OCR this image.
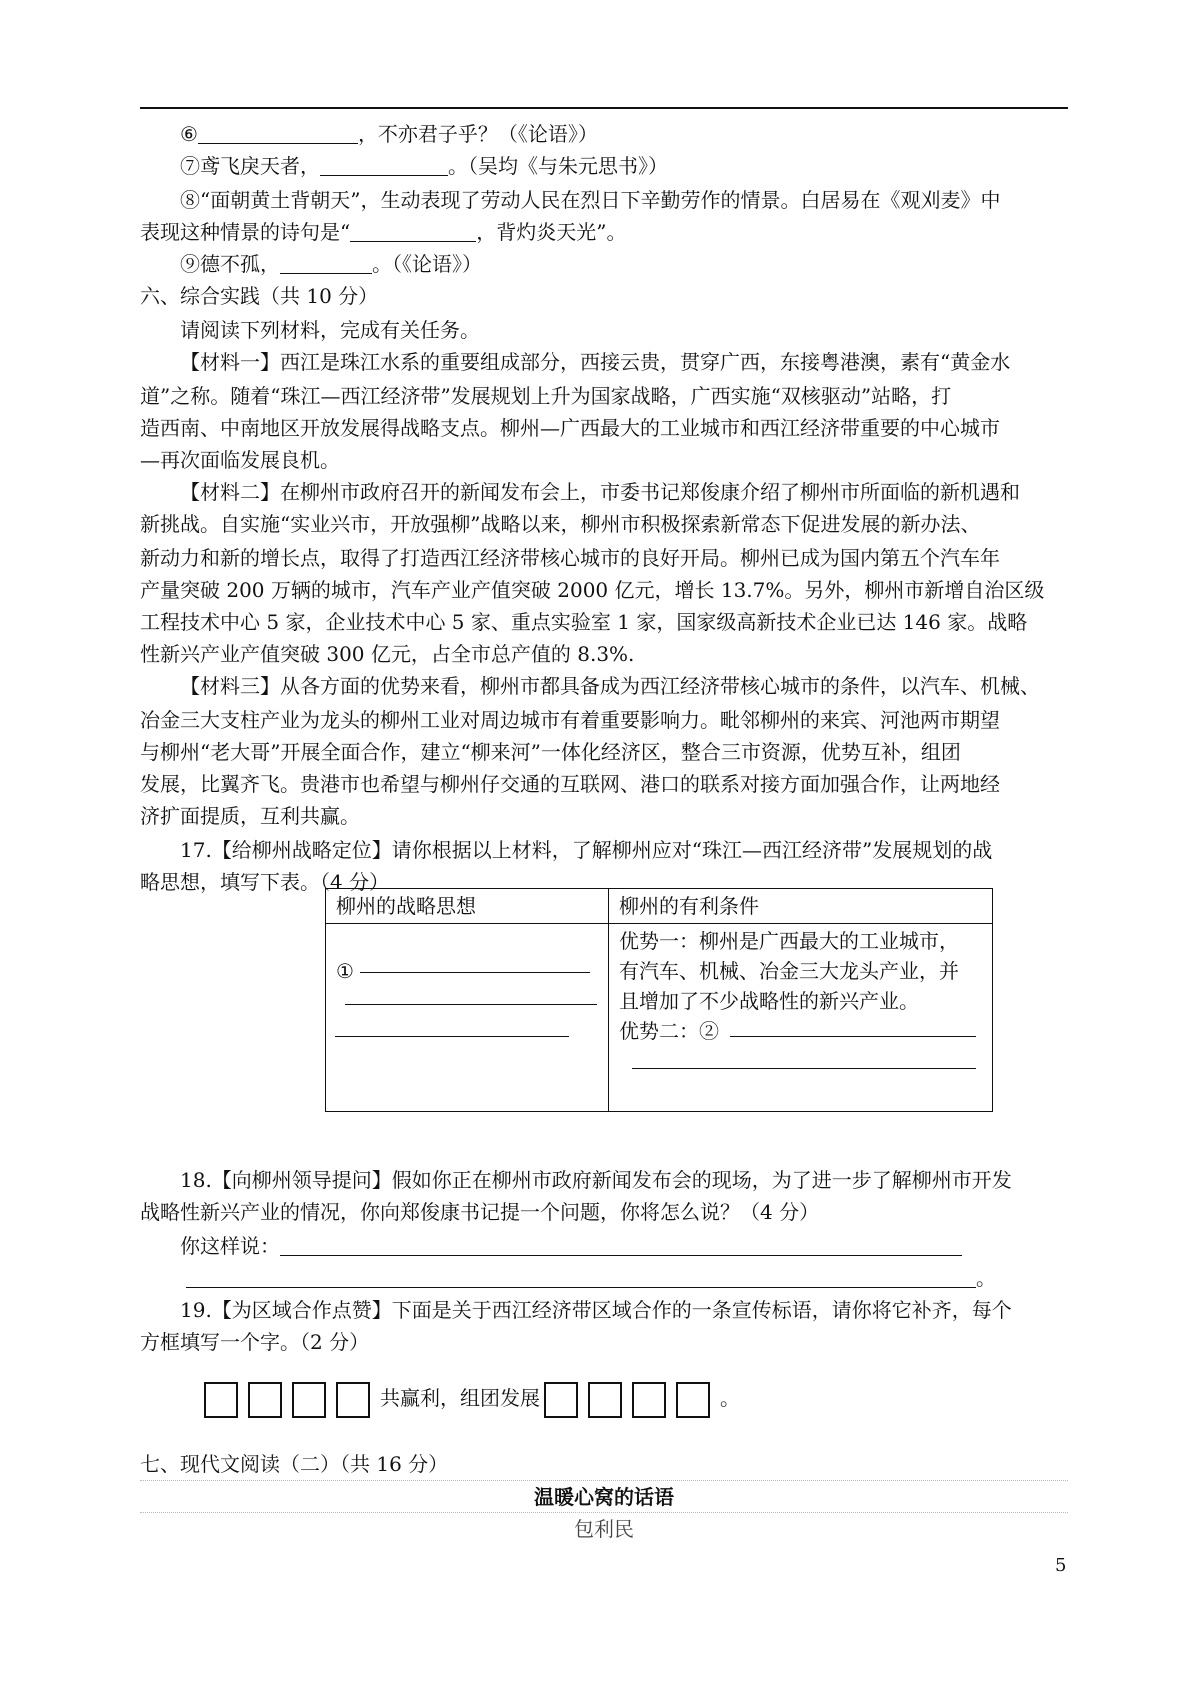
⑥	，不亦君子乎？（《论语》）
⑦鸢飞戾天者，	。（吴均《与朱元思书》）
⑧“面朝黄土背朝天”，生动表现了劳动人民在烈日下辛勤劳作的情景。白居易在《观刈麦》中
表现这种情景的诗句是“	，背灼炎天光”。
⑨德不孤，	。（《论语》）
六、综合实践（共 10 分）
请阅读下列材料，完成有关任务。
【材料一】西江是珠江水系的重要组成部分，西接云贵，贯穿广西，东接粤港澳，素有“黄金水
道”之称。随着“珠江—西江经济带”发展规划上升为国家战略，广西实施“双核驱动”站略，打
造西南、中南地区开放发展得战略支点。柳州—广西最大的工业城市和西江经济带重要的中心城市
—再次面临发展良机。
【材料二】在柳州市政府召开的新闻发布会上，市委书记郑俊康介绍了柳州市所面临的新机遇和
新挑战。自实施“实业兴市，开放强柳”战略以来，柳州市积极探索新常态下促进发展的新办法、
新动力和新的增长点，取得了打造西江经济带核心城市的良好开局。柳州已成为国内第五个汽车年
产量突破 200 万辆的城市，汽车产业产值突破 2000 亿元，增长 13.7%。另外，柳州市新增自治区级
工程技术中心 5 家，企业技术中心 5 家、重点实验室 1 家，国家级高新技术企业已达 146 家。战略
性新兴产业产值突破 300 亿元，占全市总产值的 8.3%.
【材料三】从各方面的优势来看，柳州市都具备成为西江经济带核心城市的条件，以汽车、机械、
冶金三大支柱产业为龙头的柳州工业对周边城市有着重要影响力。毗邻柳州的来宾、河池两市期望
与柳州“老大哥”开展全面合作，建立“柳来河”一体化经济区，整合三市资源，优势互补，组团
发展，比翼齐飞。贵港市也希望与柳州仔交通的互联网、港口的联系对接方面加强合作，让两地经
济扩面提质，互利共赢。
17.【给柳州战略定位】请你根据以上材料，了解柳州应对“珠江—西江经济带”发展规划的战
略思想，填写下表。（4 分）
柳州的战略思想	柳州的有利条件

①	优势一：柳州是广西最大的工业城市，
有汽车、机械、冶金三大龙头产业，并
且增加了不少战略性的新兴产业。
优势二：②
18.【向柳州领导提问】假如你正在柳州市政府新闻发布会的现场，为了进一步了解柳州市开发
战略性新兴产业的情况，你向郑俊康书记提一个问题，你将怎么说？（4 分）
你这样说：
。
19.【为区域合作点赞】下面是关于西江经济带区域合作的一条宣传标语，请你将它补齐，每个
方框填写一个字。（2 分）
共赢利，组团发展	。
七、现代文阅读（二）（共 16 分）
温暖心窝的话语
包利民
5
